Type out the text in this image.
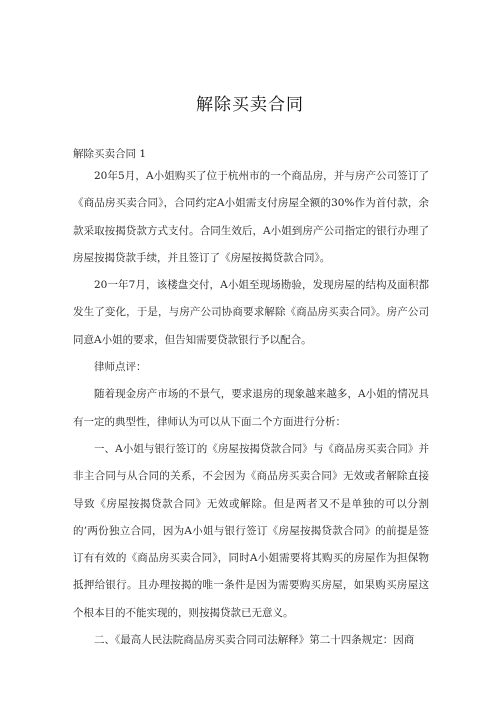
解除买卖合同
解除买卖合同 1

20年5月，A小姐购买了位于杭州市的一个商品房，并与房产公司签订了《商品房买卖合同》，合同约定A小姐需支付房屋全额的30%作为首付款，余款采取按揭贷款方式支付。合同生效后，A小姐到房产公司指定的银行办理了房屋按揭贷款手续，并且签订了《房屋按揭贷款合同》。

20一年7月，该楼盘交付，A小姐至现场勘验，发现房屋的结构及面积都发生了变化，于是，与房产公司协商要求解除《商品房买卖合同》。房产公司同意A小姐的要求，但告知需要贷款银行予以配合。

律师点评：

随着现金房产市场的不景气，要求退房的现象越来越多，A小姐的情况具有一定的典型性，律师认为可以从下面二个方面进行分析：

一、A小姐与银行签订的《房屋按揭贷款合同》与《商品房买卖合同》并非主合同与从合同的关系，不会因为《商品房买卖合同》无效或者解除直接导致《房屋按揭贷款合同》无效或解除。但是两者又不是单独的可以分割的’两份独立合同，因为A小姐与银行签订《房屋按揭贷款合同》的前提是签订有有效的《商品房买卖合同》，同时A小姐需要将其购买的房屋作为担保物抵押给银行。且办理按揭的唯一条件是因为需要购买房屋，如果购买房屋这个根本目的不能实现的，则按揭贷款已无意义。

二、《最高人民法院商品房买卖合同司法解释》第二十四条规定：因商
